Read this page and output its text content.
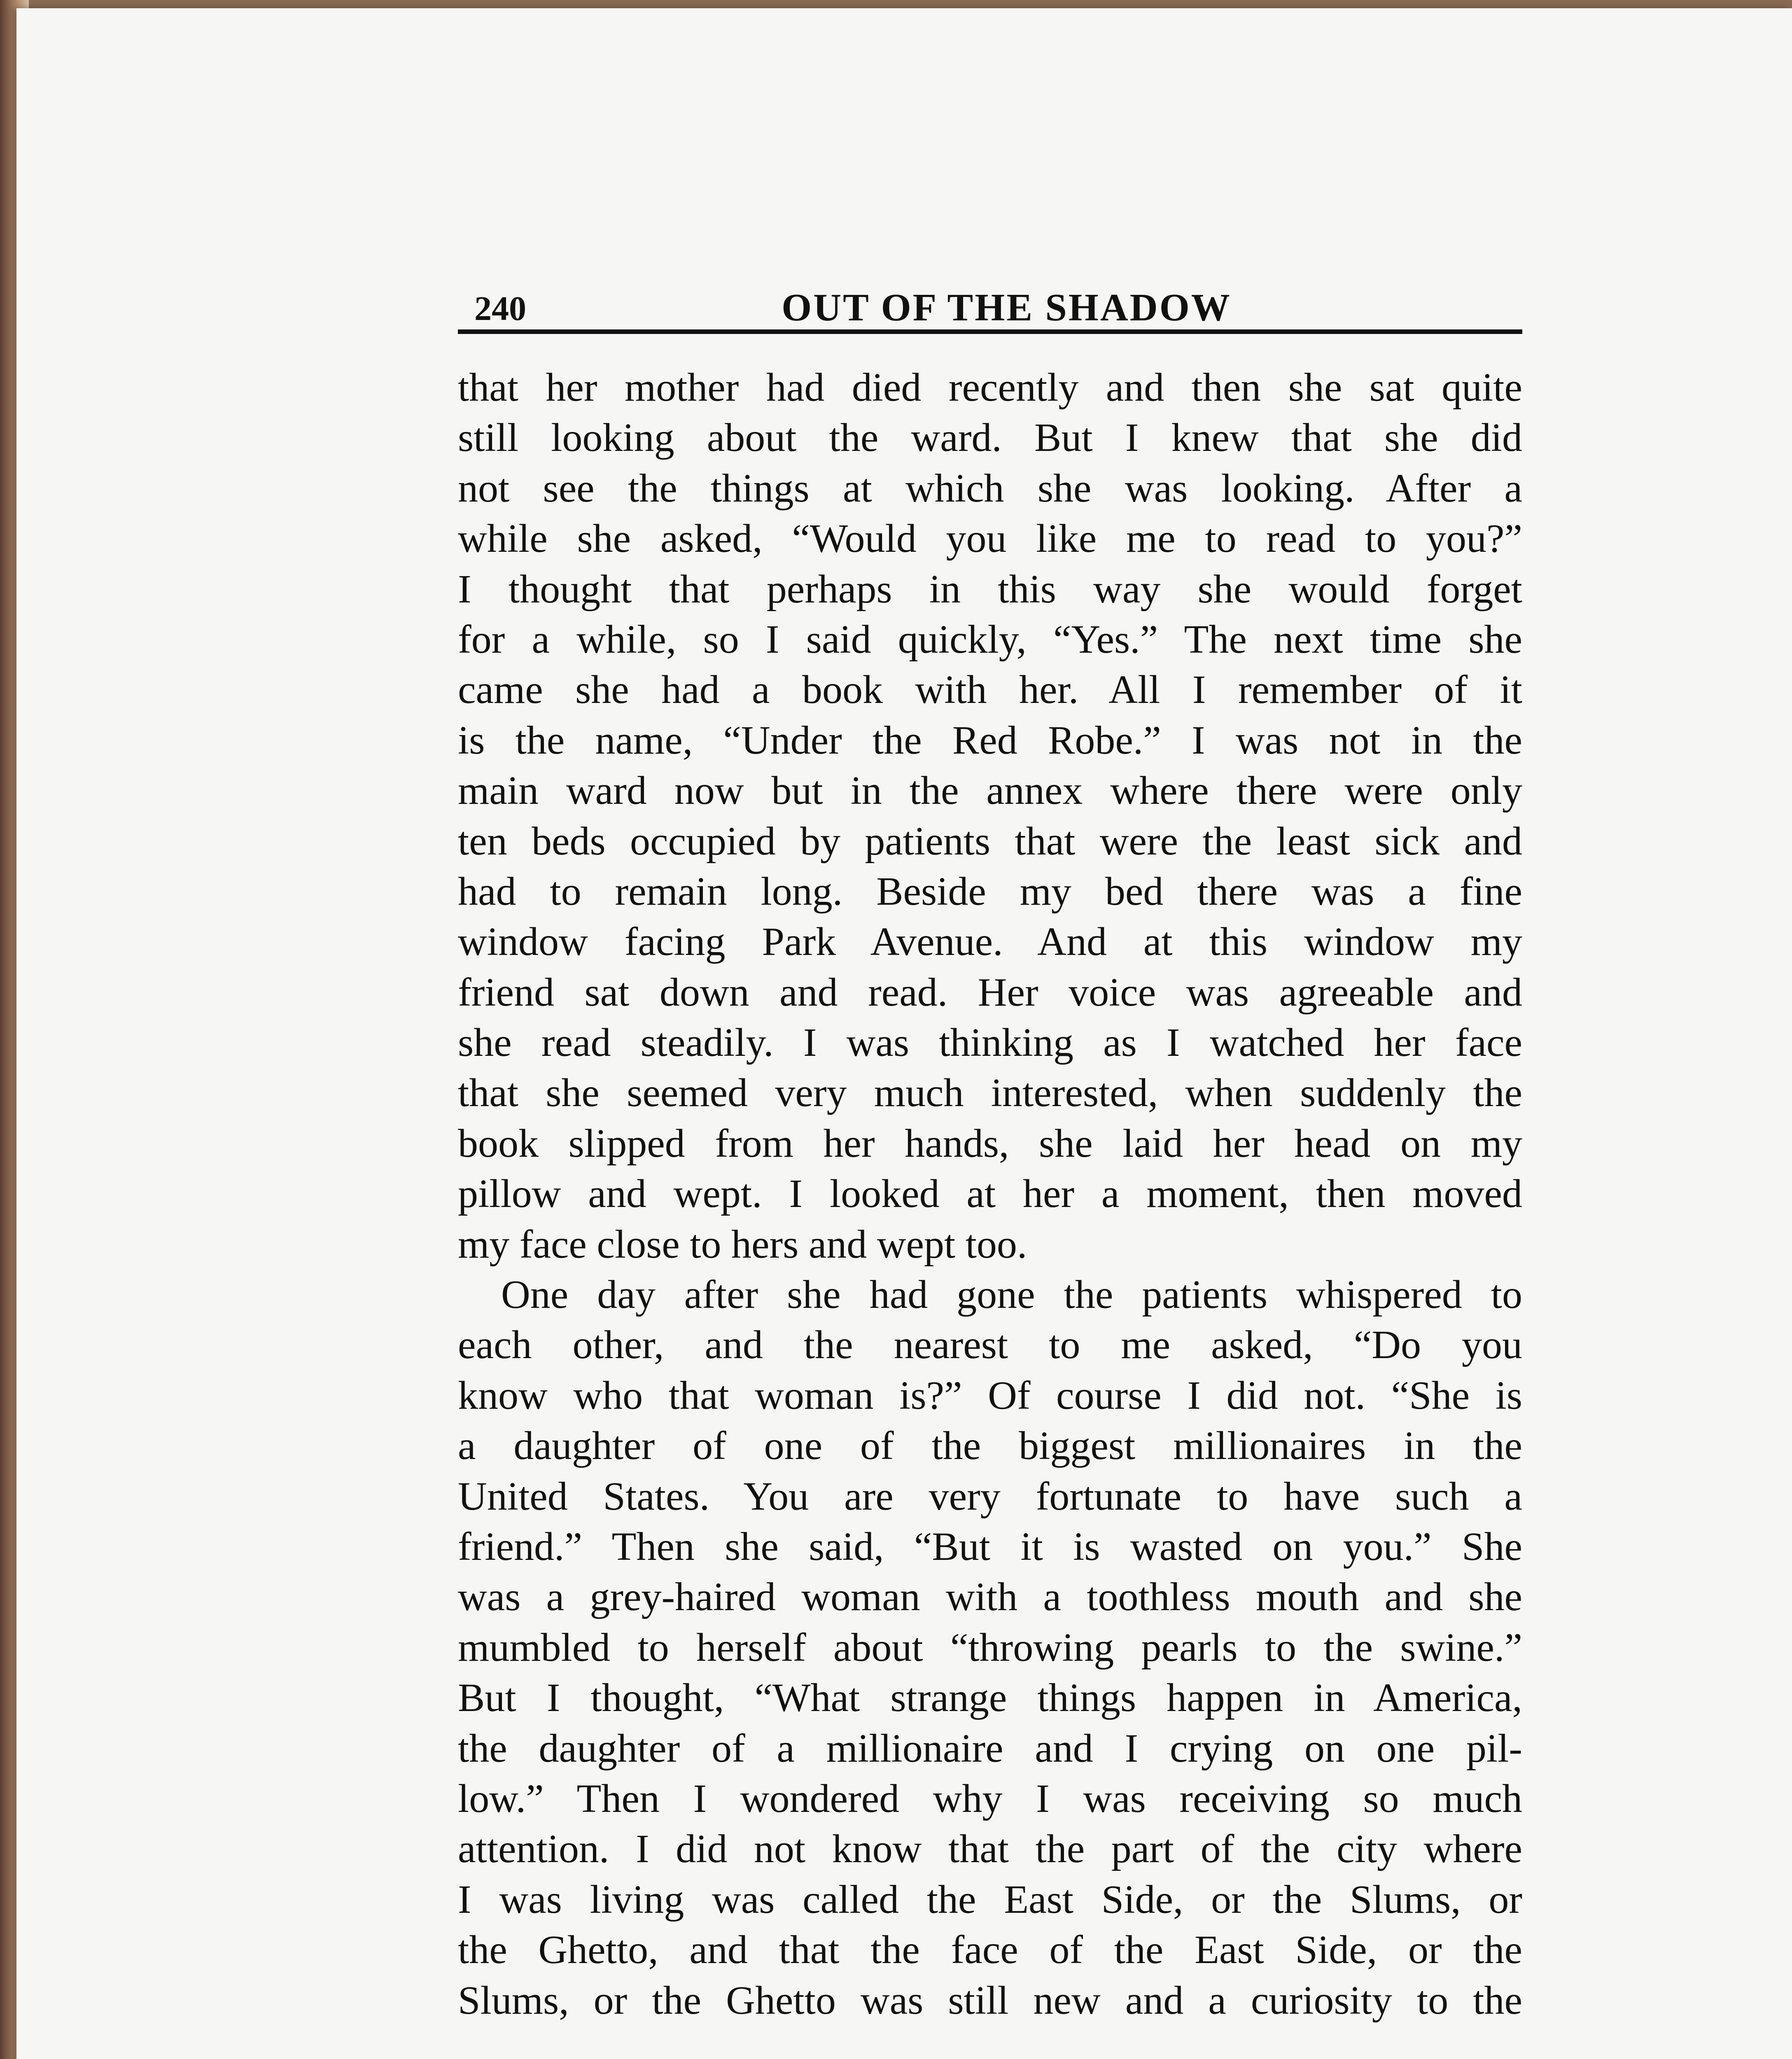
240	OUT OF THE SHADOW
that her mother had died recently and then she sat quite
still looking about the ward. But I knew that she did
not see the things at which she was looking. After a
while she asked, “Would you like me to read to you?”
I thought that perhaps in this way she would forget
for a while, so I said quickly, “Yes.” The next time she
came she had a book with her. All I remember of it
is the name, “Under the Red Robe.” I was not in the
main ward now but in the annex where there were only
ten beds occupied by patients that were the least sick and
had to remain long. Beside my bed there was a fine
window facing Park Avenue. And at this window my
friend sat down and read. Her voice was agreeable and
she read steadily. I was thinking as I watched her face
that she seemed very much interested, when suddenly the
book slipped from her hands, she laid her head on my
pillow and wept. I looked at her a moment, then moved
my face close to hers and wept too.
One day after she had gone the patients whispered to
each other, and the nearest to me asked, “Do you
know who that woman is?” Of course I did not. “She is
a daughter of one of the biggest millionaires in the
United States. You are very fortunate to have such a
friend.” Then she said, “But it is wasted on you.” She
was a grey-haired woman with a toothless mouth and she
mumbled to herself about “throwing pearls to the swine.”
But I thought, “What strange things happen in America,
the daughter of a millionaire and I crying on one pil-
low.” Then I wondered why I was receiving so much
attention. I did not know that the part of the city where
I was living was called the East Side, or the Slums, or
the Ghetto, and that the face of the East Side, or the
Slums, or the Ghetto was still new and a curiosity to the
